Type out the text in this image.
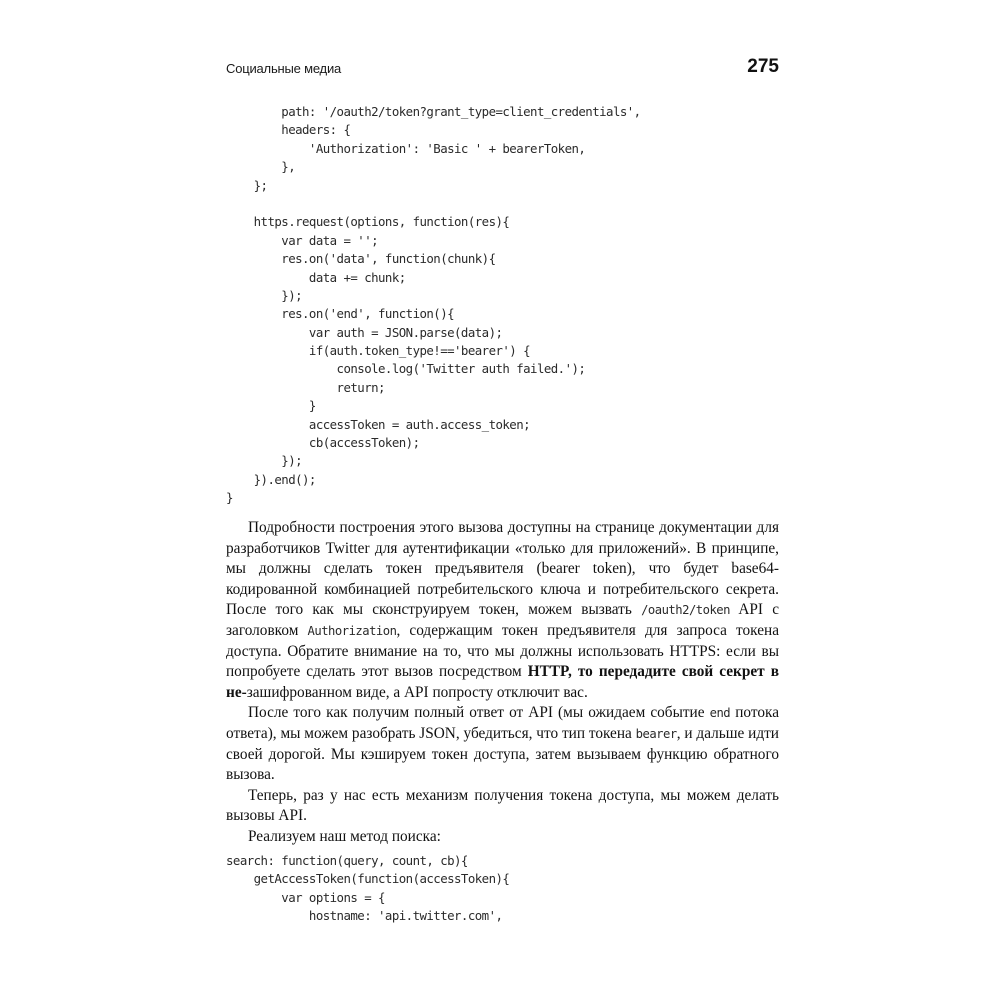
Социальные медиа	275
path: '/oauth2/token?grant_type=client_credentials',
headers: {
'Authorization': 'Basic ' + bearerToken,
},
};
https.request(options, function(res){
var data = '';
res.on('data', function(chunk){
data += chunk;
});
res.on('end', function(){
var auth = JSON.parse(data);
if(auth.token_type!=='bearer') {
console.log('Twitter auth failed.');
return;
}
accessToken = auth.access_token;
cb(accessToken);
});
}).end();
}

Подробности построения этого вызова доступны на странице документации для разработчиков Twitter для аутентификации «только для приложений». В принципе, мы должны сделать токен предъявителя (bearer token), что будет base64-кодированной комбинацией потребительского ключа и потребительского секрета. После того как мы сконструируем токен, можем вызвать /oauth2/token API с заголовком Authorization, содержащим токен предъявителя для запроса токена доступа. Обратите внимание на то, что мы должны использовать HTTPS: если вы попробуете сделать этот вызов посредством HTTP, то передадите свой секрет в не-зашифрованном виде, а API попросту отключит вас.

После того как получим полный ответ от API (мы ожидаем событие end потока ответа), мы можем разобрать JSON, убедиться, что тип токена bearer, и дальше идти своей дорогой. Мы кэшируем токен доступа, затем вызываем функцию обратного вызова.

Теперь, раз у нас есть механизм получения токена доступа, мы можем делать вызовы API.

Реализуем наш метод поиска:

search: function(query, count, cb){
getAccessToken(function(accessToken){
var options = {
hostname: 'api.twitter.com',
